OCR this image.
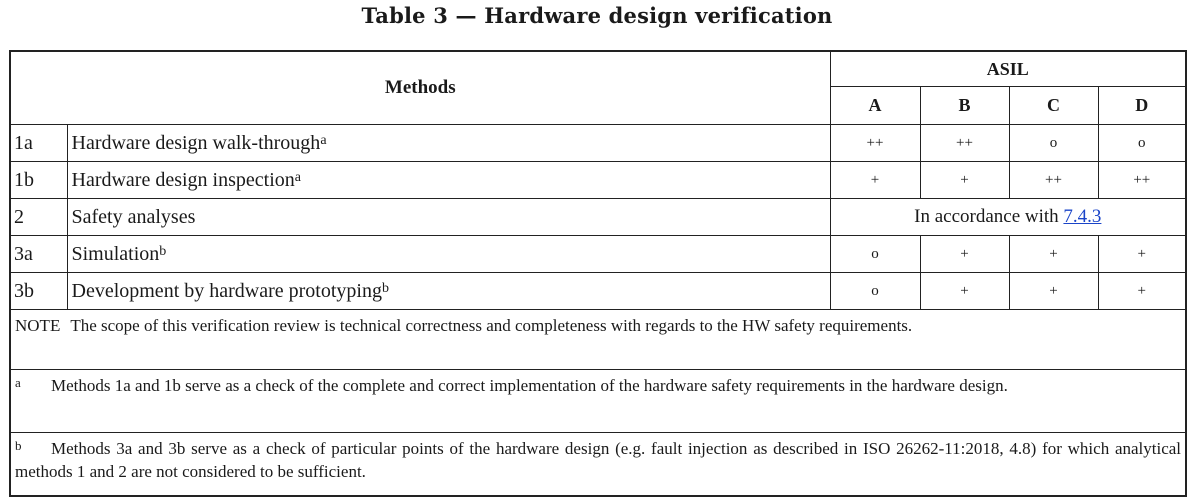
Table 3 — Hardware design verification
Methods		ASIL			
		A	B	C	D
1a	Hardware design walk-through$^a$	++	++	o	o
1b	Hardware design inspection$^a$	+	+	++	++
2	Safety analyses	In accordance with 7.4.3			
3a	Simulation$^b$	o	+	+	+
3b	Development by hardware prototyping$^b$	o	+	+	+
NOTE The scope of this verification review is technical correctness and completeness with regards to the HW safety requirements.					
a Methods 1a and 1b serve as a check of the complete and correct implementation of the hardware safety requirements in the hardware design.					
b Methods 3a and 3b serve as a check of particular points of the hardware design (e.g. fault injection as described in ISO 26262-11:2018, 4.8) for which analytical methods 1 and 2 are not considered to be sufficient.					
